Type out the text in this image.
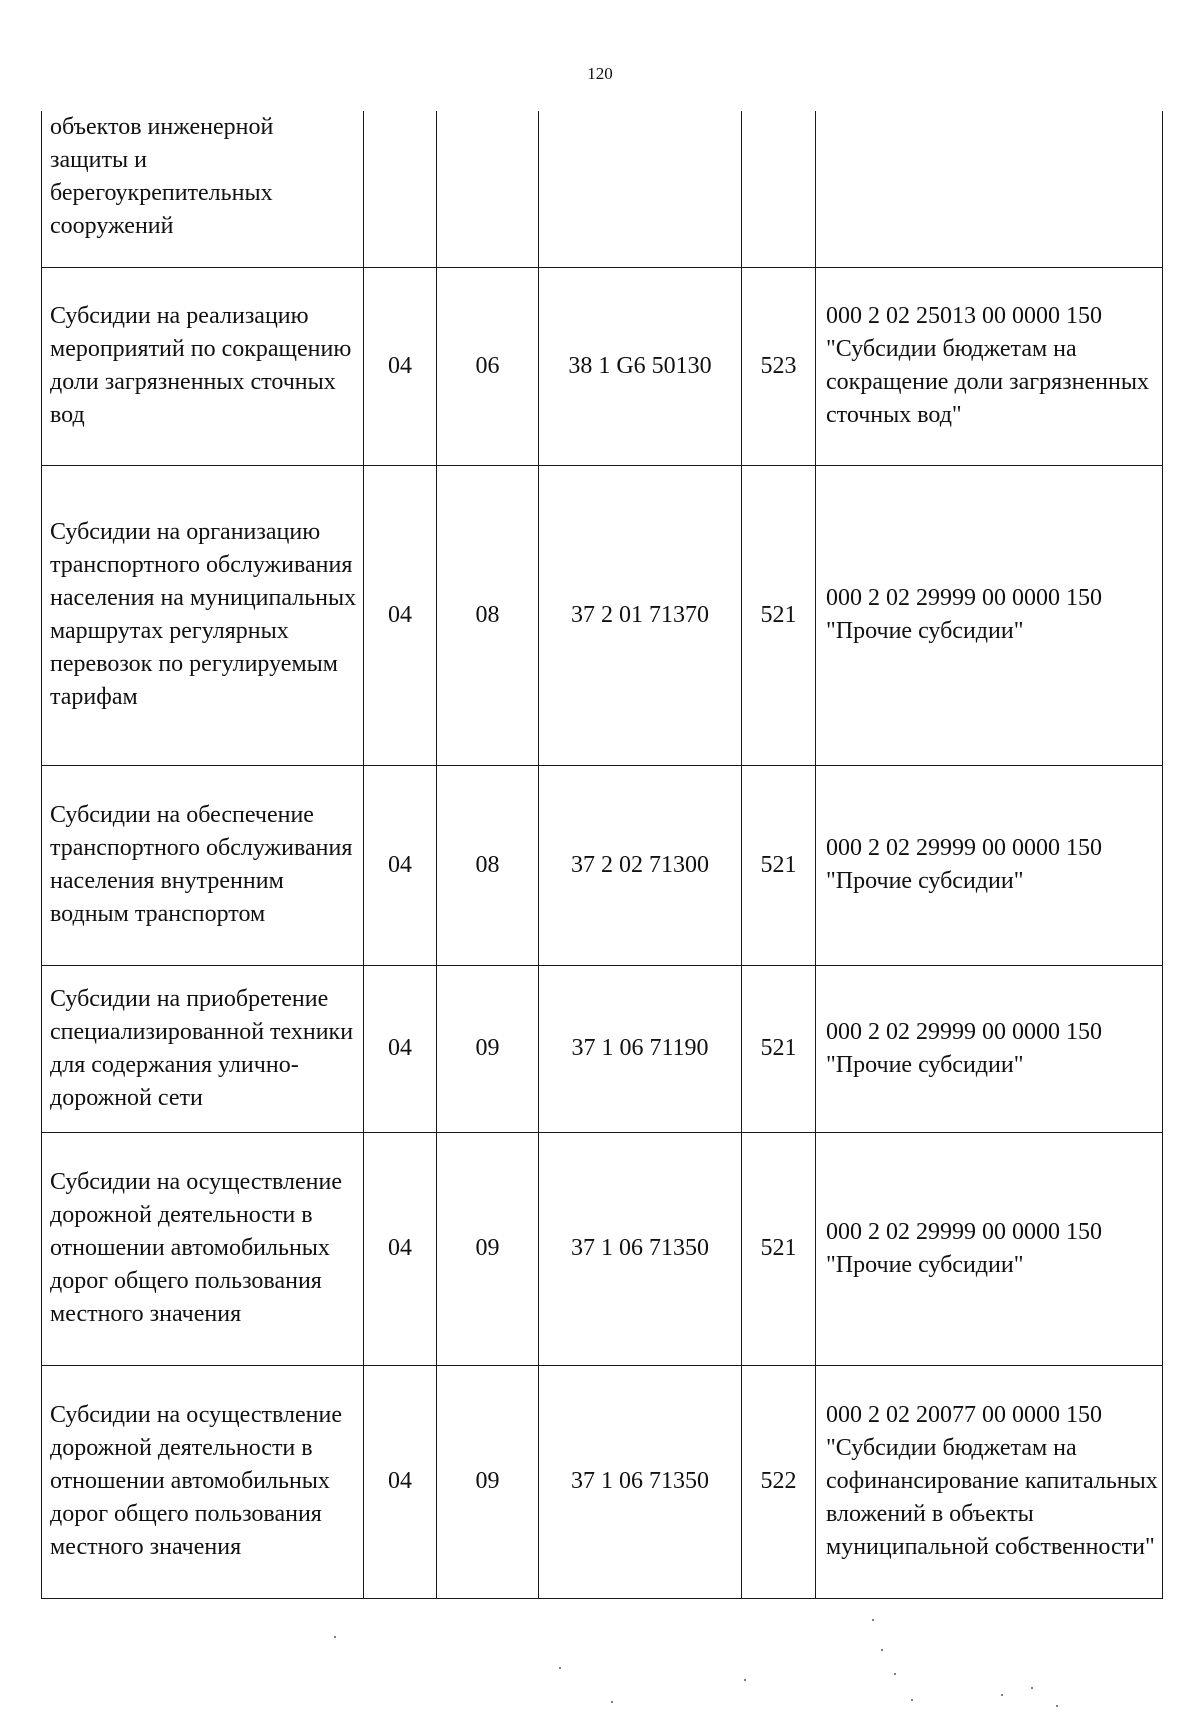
120
объектов инженерной защиты и берегоукрепительных сооружений					
Субсидии на реализацию мероприятий по сокращению доли загрязненных сточных вод	04	06	38 1 G6 50130	523	000 2 02 25013 00 0000 150 "Субсидии бюджетам на сокращение доли загрязненных сточных вод"
Субсидии на организацию транспортного обслуживания населения на муниципальных маршрутах регулярных перевозок по регулируемым тарифам	04	08	37 2 01 71370	521	000 2 02 29999 00 0000 150 "Прочие субсидии"
Субсидии на обеспечение транспортного обслуживания населения внутренним водным транспортом	04	08	37 2 02 71300	521	000 2 02 29999 00 0000 150 "Прочие субсидии"
Субсидии на приобретение специализированной техники для содержания улично-дорожной сети	04	09	37 1 06 71190	521	000 2 02 29999 00 0000 150 "Прочие субсидии"
Субсидии на осуществление дорожной деятельности в отношении автомобильных дорог общего пользования местного значения	04	09	37 1 06 71350	521	000 2 02 29999 00 0000 150 "Прочие субсидии"
Субсидии на осуществление дорожной деятельности в отношении автомобильных дорог общего пользования местного значения	04	09	37 1 06 71350	522	000 2 02 20077 00 0000 150 "Субсидии бюджетам на софинансирование капитальных вложений в объекты муниципальной собственности"
